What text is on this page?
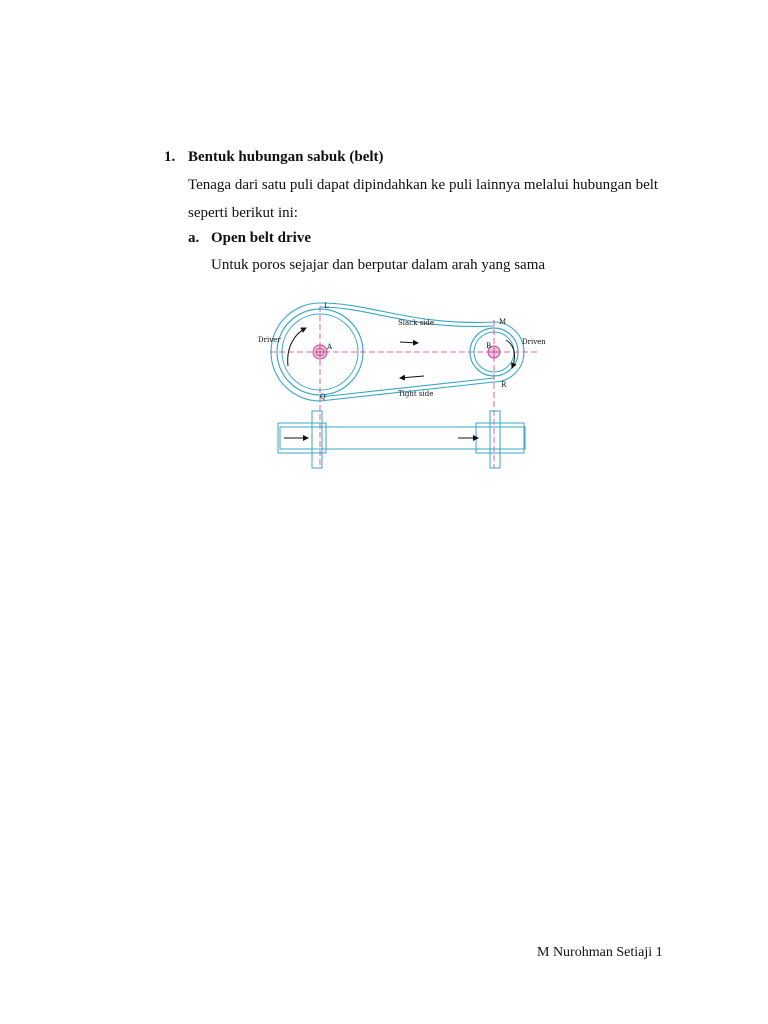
1. Bentuk hubungan sabuk (belt)
Tenaga dari satu puli dapat dipindahkan ke puli lainnya melalui hubungan belt
seperti berikut ini:
a. Open belt drive
Untuk poros sejajar dan berputar dalam arah yang sama
L
M
Q
R
A	B
Driver	Driven
Slack side
Tight side
M Nurohman Setiaji 1
